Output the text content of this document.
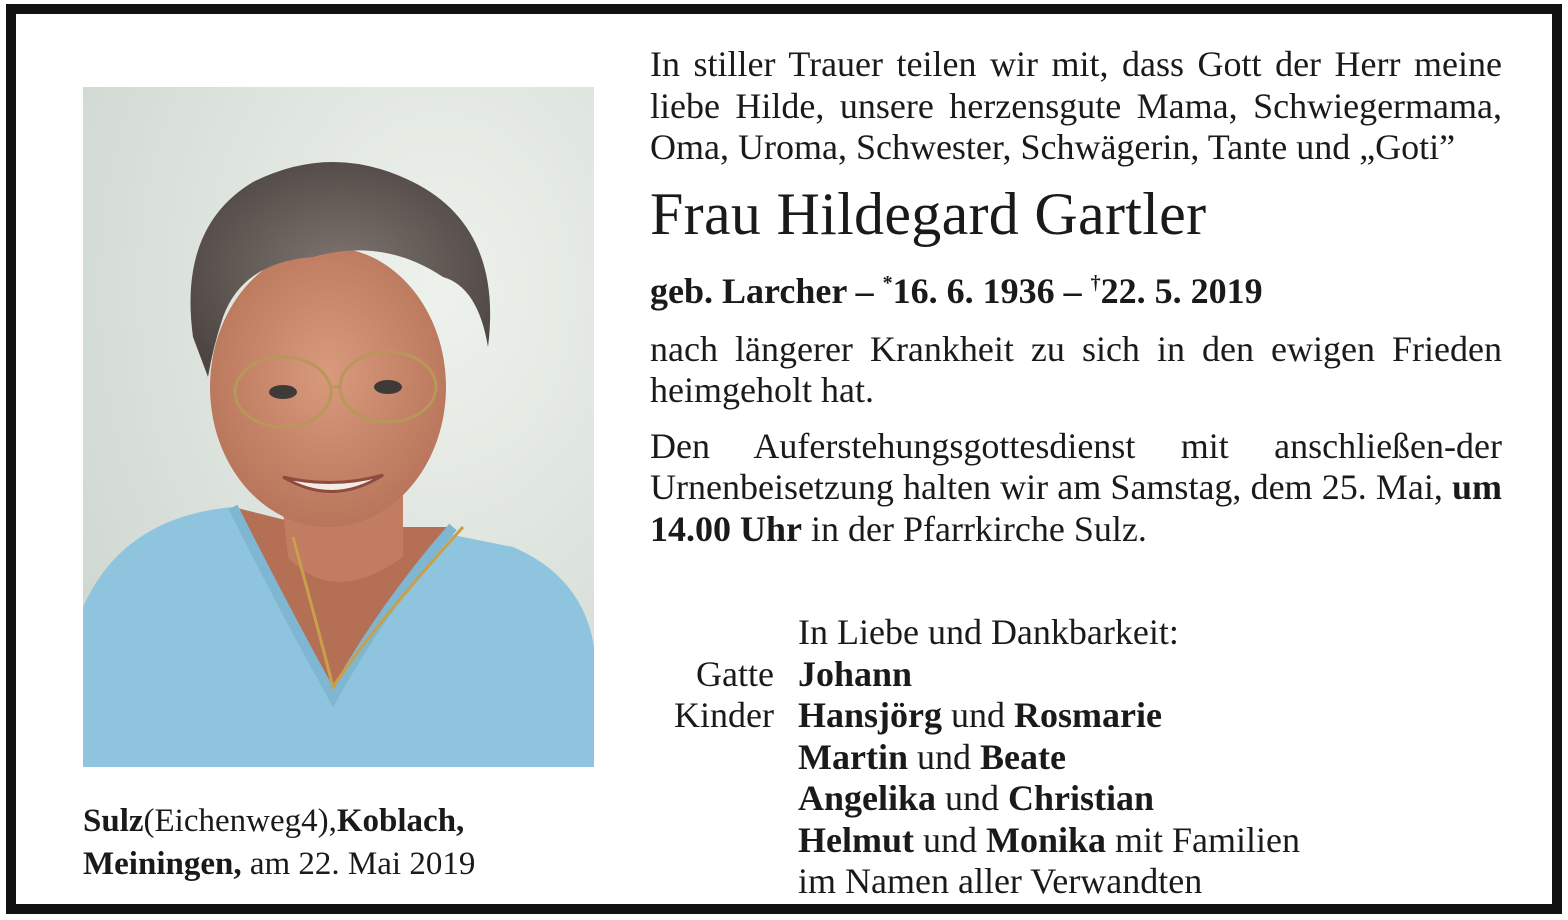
Sulz(Eichenweg4),Koblach,
Meiningen, am 22. Mai 2019

In stiller Trauer teilen wir mit, dass Gott der Herr meine liebe Hilde, unsere herzensgute Mama, Schwiegermama, Oma, Uroma, Schwester, Schwägerin, Tante und „Goti”

Frau Hildegard Gartler
geb. Larcher – *16. 6. 1936 – †22. 5. 2019

nach längerer Krankheit zu sich in den ewigen Frieden heimgeholt hat.

Den Auferstehungsgottesdienst mit anschließen-der Urnenbeisetzung halten wir am Samstag, dem 25. Mai, um 14.00 Uhr in der Pfarrkirche Sulz.

In Liebe und Dankbarkeit:
Gatte Johann
Kinder Hansjörg und Rosmarie
Martin und Beate
Angelika und Christian
Helmut und Monika mit Familien
im Namen aller Verwandten
